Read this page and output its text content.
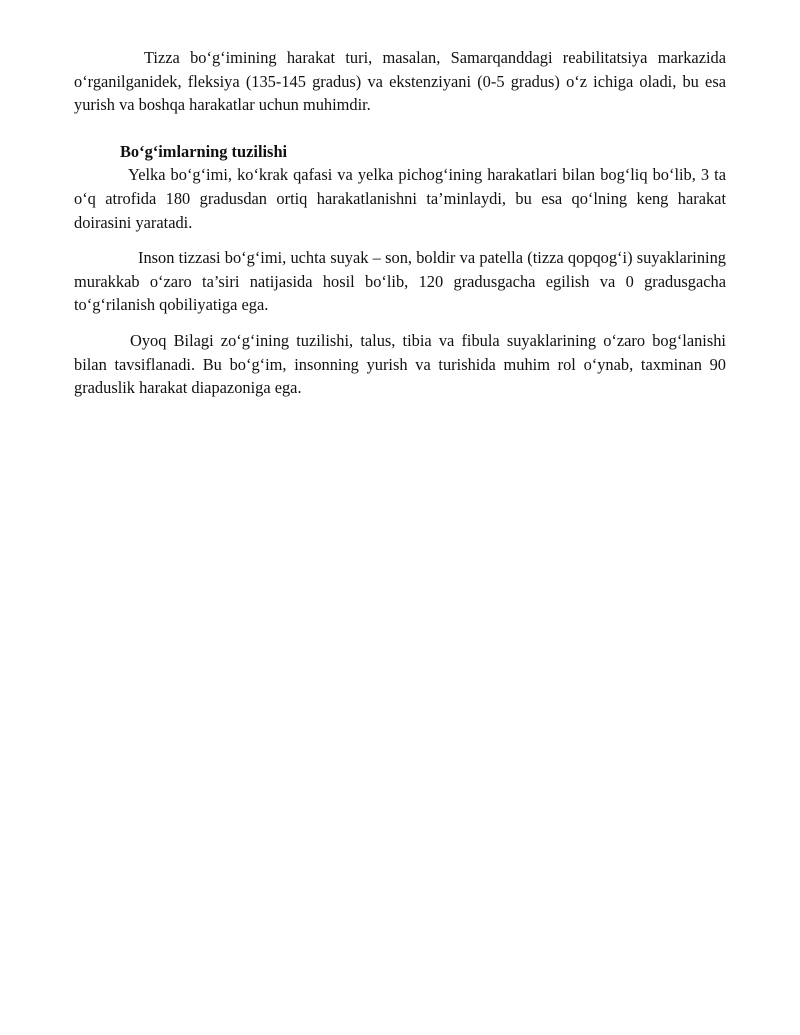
Tizza bo‘g‘imining harakat turi, masalan, Samarqanddagi reabilitatsiya markazida o‘rganilganidek, fleksiya (135-145 gradus) va ekstenziyani (0-5 gradus) o‘z ichiga oladi, bu esa yurish va boshqa harakatlar uchun muhimdir.

Bo‘g‘imlarning tuzilishi

Yelka bo‘g‘imi, ko‘krak qafasi va yelka pichog‘ining harakatlari bilan bog‘liq bo‘lib, 3 ta o‘q atrofida 180 gradusdan ortiq harakatlanishni ta’minlaydi, bu esa qo‘lning keng harakat doirasini yaratadi.

Inson tizzasi bo‘g‘imi, uchta suyak – son, boldir va patella (tizza qopqog‘i) suyaklarining murakkab o‘zaro ta’siri natijasida hosil bo‘lib, 120 gradusgacha egilish va 0 gradusgacha to‘g‘rilanish qobiliyatiga ega.

Oyoq Bilagi zo‘g‘ining tuzilishi, talus, tibia va fibula suyaklarining o‘zaro bog‘lanishi bilan tavsiflanadi. Bu bo‘g‘im, insonning yurish va turishida muhim rol o‘ynab, taxminan 90 graduslik harakat diapazoniga ega.
